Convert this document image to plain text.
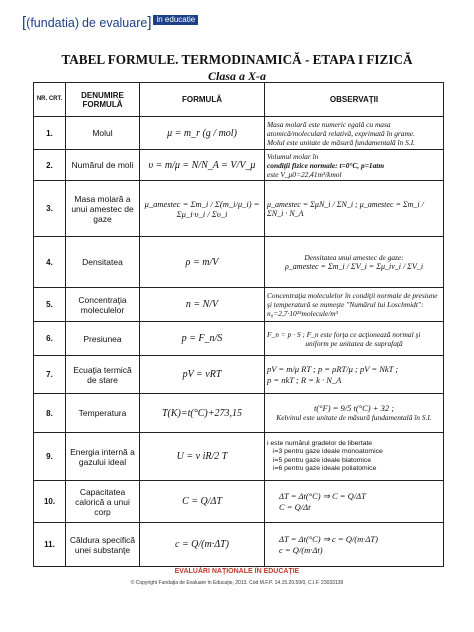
[ (fundatia) de evaluare ] in educatie
TABEL FORMULE. TERMODINAMICĂ - ETAPA I FIZICĂ
Clasa a X-a
NR. CRT.	DENUMIRE FORMULĂ	FORMULĂ	OBSERVAŢII
1.	Molul	μ = m_r (g / mol)	Masa molară este numeric egală cu masa atomică/moleculară relativă, exprimată în grame.
Molul este unitate de măsură fundamentală în S.I.

2.	Numărul de moli	υ = m/μ = N/N_A = V/V_μ	Volumul molar în
condiţii fizice normale: t=0°C, p=1atm
este V_μ0=22,41m³/kmol

3.	Masa molară a unui amestec de gaze	μ_amestec = Σm_i / Σ(m_i/μ_i) = Σμ_i·υ_i / Συ_i	μ_amestec = ΣμN_i / ΣN_i ; μ_amestec = Σm_i / ΣN_i · N_A

4.	Densitatea	ρ = m/V	Densitatea unui amestec de gaze:
ρ_amestec = Σm_i / ΣV_i = Σμ_iν_i / ΣV_i

5.	Concentraţia moleculelor	n = N/V	Concentraţia moleculelor în condiţii normale de presiune şi temperatură se numeşte "Numărul lui Loschmidt": n₀=2,7·10²⁵molecule/m³

6.	Presiunea	p = F_n/S	F_n = p · S ; F_n este forţa ce acţionează normal şi
uniform pe unitatea de suprafaţă

7.	Ecuaţia termică de stare	pV = νRT	pV = m/μ RT ; p = ρRT/μ ; pV = NkT ;
p = nkT ; R = k · N_A

8.	Temperatura	T(K)=t(°C)+273,15	t(°F) = 9/5 t(°C) + 32 ;
Kelvinul este unitate de măsură fundamentală în S.I.

9.	Energia internă a gazului ideal	U = ν iR/2 T	i este numărul gradelor de libertate
i=3 pentru gaze ideale monoatomice
i=5 pentru gaze ideale biatomice
i=6 pentru gaze ideale poliatomice

10.	Capacitatea calorică a unui corp	C = Q/ΔT	ΔT = Δt(°C) ⇒ C = Q/ΔT
C = Q/Δt

11.	Căldura specifică unei substanţe	c = Q/(m·ΔT)	ΔT = Δt(°C) ⇒ c = Q/(m·ΔT)
c = Q/(m·Δt)
EVALUĂRI NAŢIONALE ÎN EDUCAŢIE
© Copyright Fundaţia de Evaluare în Educaţie, 2013. Cod M.F.P. 14.15.20.59/0, C.I.F. 23033139
